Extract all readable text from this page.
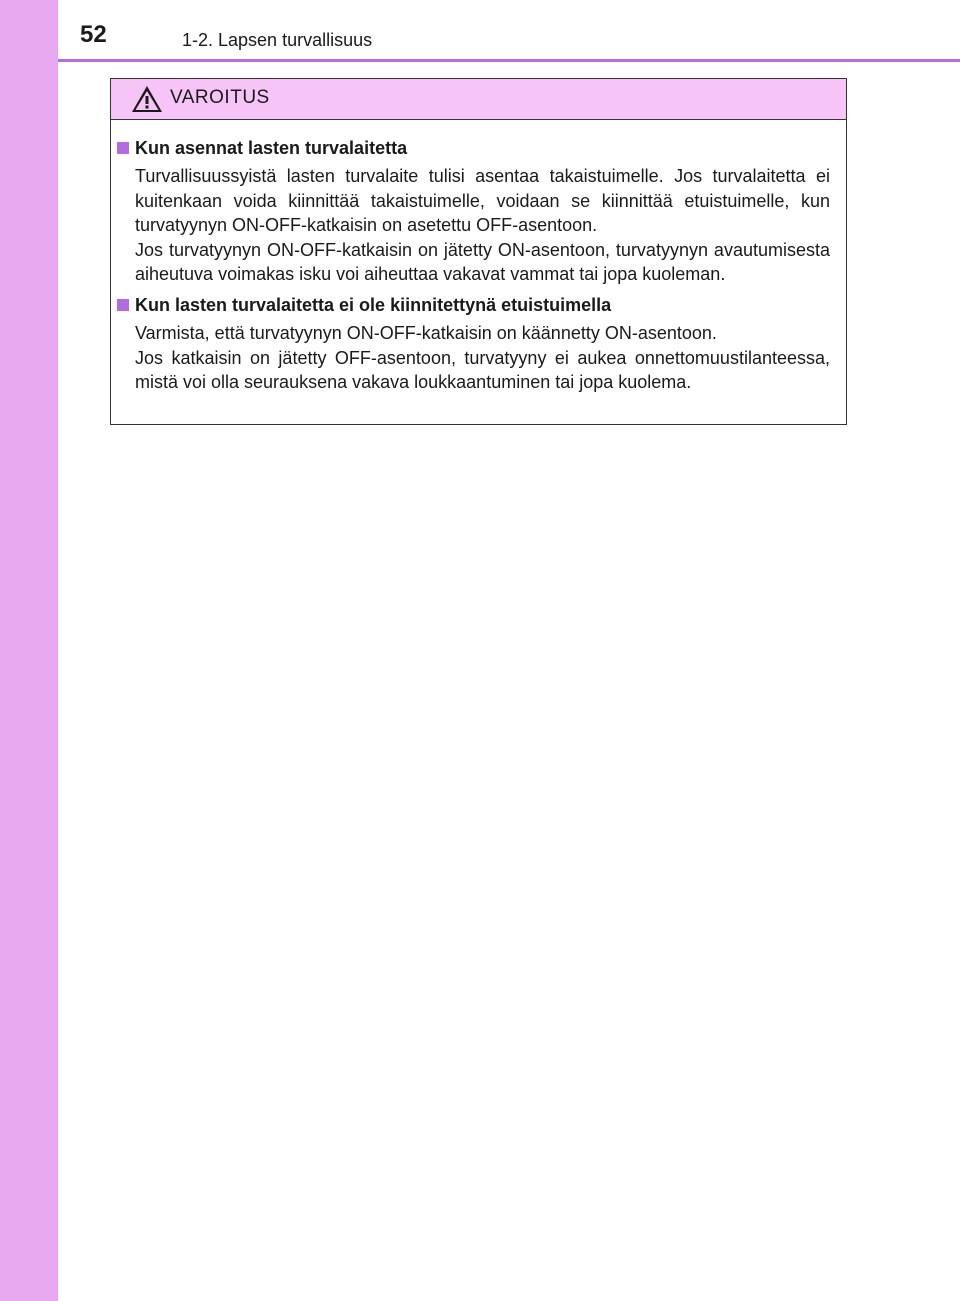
52	1-2. Lapsen turvallisuus
VAROITUS
Kun asennat lasten turvalaitetta

Turvallisuussyistä lasten turvalaite tulisi asentaa takaistuimelle. Jos turvalaitetta ei kuitenkaan voida kiinnittää takaistuimelle, voidaan se kiinnittää etuistuimelle, kun turvatyynyn ON-OFF-katkaisin on asetettu OFF-asentoon.

Jos turvatyynyn ON-OFF-katkaisin on jätetty ON-asentoon, turvatyynyn avautumisesta aiheutuva voimakas isku voi aiheuttaa vakavat vammat tai jopa kuoleman.

Kun lasten turvalaitetta ei ole kiinnitettynä etuistuimella

Varmista, että turvatyynyn ON-OFF-katkaisin on käännetty ON-asentoon.

Jos katkaisin on jätetty OFF-asentoon, turvatyyny ei aukea onnettomuustilanteessa, mistä voi olla seurauksena vakava loukkaantuminen tai jopa kuolema.
